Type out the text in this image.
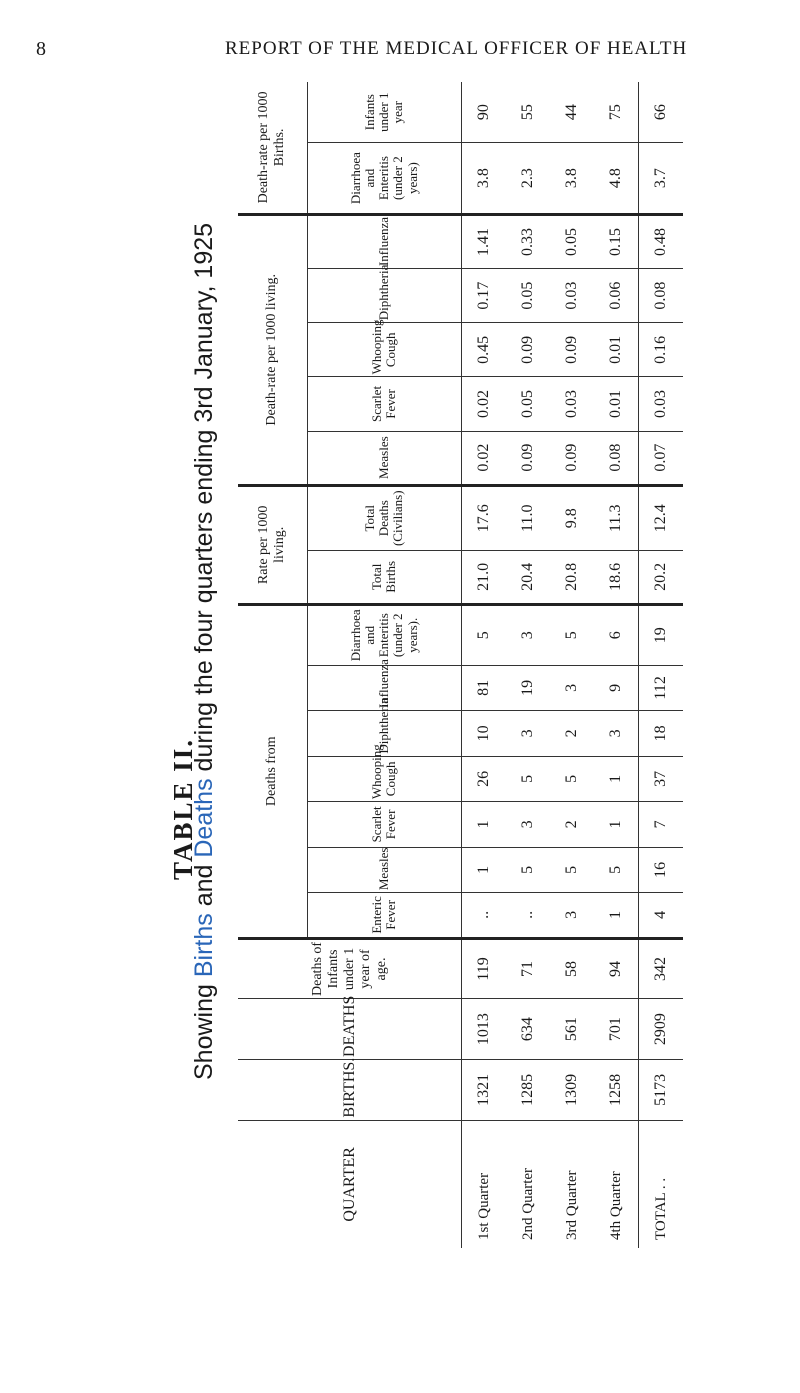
8	REPORT OF THE MEDICAL OFFICER OF HEALTH
TABLE II.
Showing Births and Deaths during the four quarters ending 3rd January, 1925
QUARTER	BIRTHS.	DEATHS	Deaths of Infants under 1 year of age.	Deaths from							Rate per 1000 living.		Death-rate per 1000 living.					Death-rate per 1000 Births.	
				Enteric Fever	Measles	Scarlet Fever	Whooping Cough	Diphtheria	Influenza	Diarrhoea and Enteritis (under 2 years).	Total Births	Total Deaths (Civilians)	Measles	Scarlet Fever	Whooping Cough	Diphtheria	Influenza	Diarrhoea and Enteritis (under 2 years)	Infants under 1 year
1st Quarter	1321	1013	119	..	1	1	26	10	81	5	21.0	17.6	0.02	0.02	0.45	0.17	1.41	3.8	90
2nd Quarter	1285	634	71	..	5	3	5	3	19	3	20.4	11.0	0.09	0.05	0.09	0.05	0.33	2.3	55
3rd Quarter	1309	561	58	3	5	2	5	2	3	5	20.8	9.8	0.09	0.03	0.09	0.03	0.05	3.8	44
4th Quarter	1258	701	94	1	5	1	1	3	9	6	18.6	11.3	0.08	0.01	0.01	0.06	0.15	4.8	75
TOTAL . .	5173	2909	342	4	16	7	37	18	112	19	20.2	12.4	0.07	0.03	0.16	0.08	0.48	3.7	66
